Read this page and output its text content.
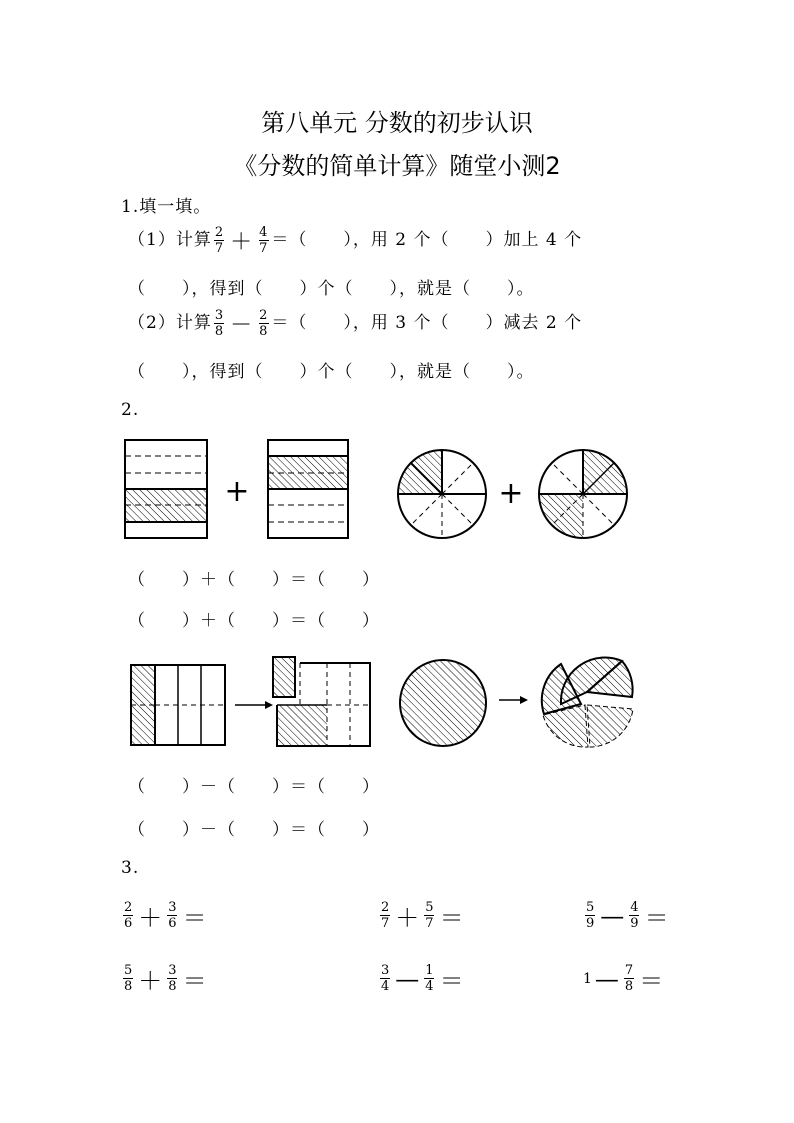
第八单元 分数的初步认识
《分数的简单计算》随堂小测2
1.填一填。
（1）计算 $\frac{2}{7} + \frac{4}{7}$ ＝（　　），用 2 个（　　）加上 4 个
（　　），得到（　　）个（　　），就是（　　）。
（2）计算 $\frac{3}{8} - \frac{2}{8}$ ＝（　　），用 3 个（　　）减去 2 个
（　　），得到（　　）个（　　），就是（　　）。
2.
+	+
（　　）＋（　　）＝（　　）
（　　）＋（　　）＝（　　）
（　　）－（　　）＝（　　）
（　　）－（　　）＝（　　）
3.
$\frac{2}{6} + \frac{3}{6}$ ＝	$\frac{2}{7} + \frac{5}{7}$ ＝	$\frac{5}{9}$ — $\frac{4}{9}$ ＝
$\frac{5}{8} + \frac{3}{8}$ ＝	$\frac{3}{4}$ — $\frac{1}{4}$ ＝	1 — $\frac{7}{8}$ ＝
